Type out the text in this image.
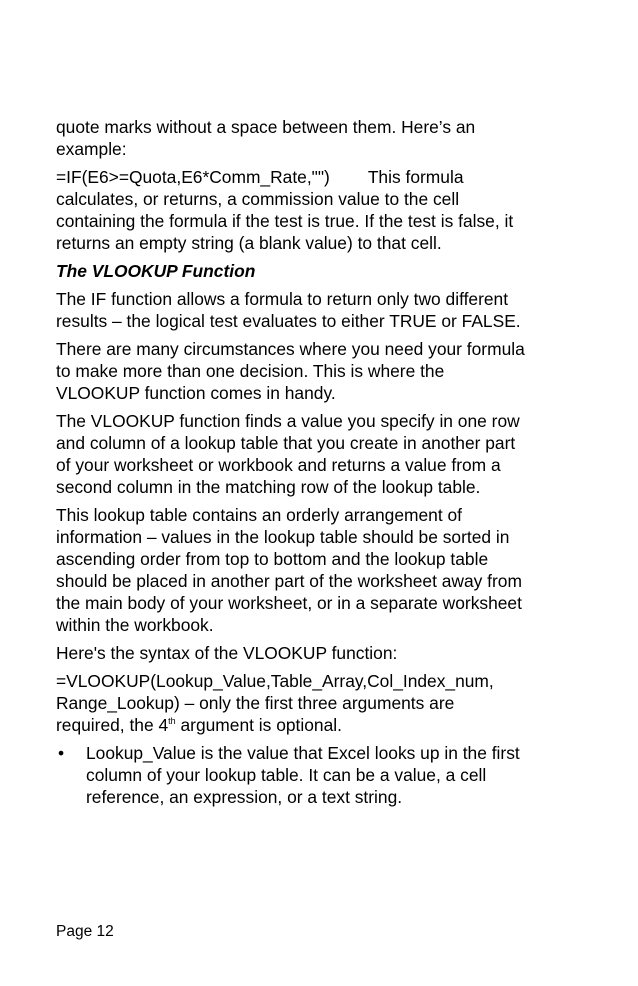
quote marks without a space between them. Here’s an
example:

=IF(E6>=Quota,E6*Comm_Rate,"") This formula
calculates, or returns, a commission value to the cell
containing the formula if the test is true. If the test is false, it
returns an empty string (a blank value) to that cell.

The VLOOKUP Function

The IF function allows a formula to return only two different
results – the logical test evaluates to either TRUE or FALSE.

There are many circumstances where you need your formula
to make more than one decision. This is where the
VLOOKUP function comes in handy.

The VLOOKUP function finds a value you specify in one row
and column of a lookup table that you create in another part
of your worksheet or workbook and returns a value from a
second column in the matching row of the lookup table.

This lookup table contains an orderly arrangement of
information – values in the lookup table should be sorted in
ascending order from top to bottom and the lookup table
should be placed in another part of the worksheet away from
the main body of your worksheet, or in a separate worksheet
within the workbook.

Here's the syntax of the VLOOKUP function:

=VLOOKUP(Lookup_Value,Table_Array,Col_Index_num,
Range_Lookup) – only the first three arguments are
required, the 4th argument is optional.

• Lookup_Value is the value that Excel looks up in the first
column of your lookup table. It can be a value, a cell
reference, an expression, or a text string.
Page 12
